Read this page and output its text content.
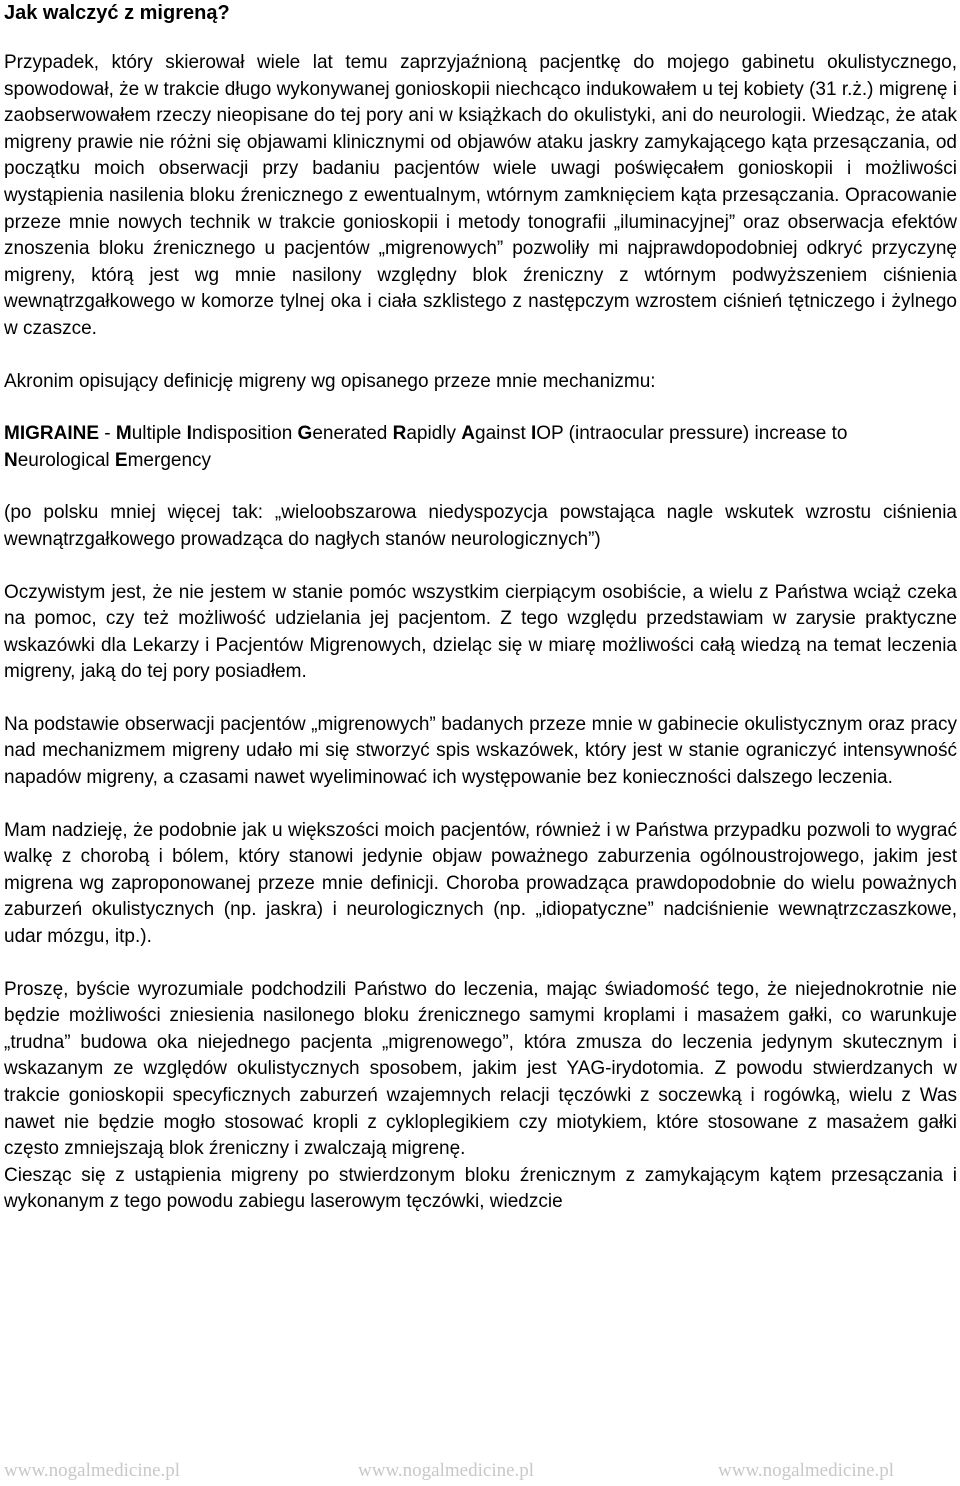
Jak walczyć z migreną?

Przypadek, który skierował wiele lat temu zaprzyjaźnioną pacjentkę do mojego gabinetu okulistycznego, spowodował, że w trakcie długo wykonywanej gonioskopii niechcąco indukowałem u tej kobiety (31 r.ż.) migrenę i zaobserwowałem rzeczy nieopisane do tej pory ani w książkach do okulistyki, ani do neurologii. Wiedząc, że atak migreny prawie nie różni się objawami klinicznymi od objawów ataku jaskry zamykającego kąta przesączania, od początku moich obserwacji przy badaniu pacjentów wiele uwagi poświęcałem gonioskopii i możliwości wystąpienia nasilenia bloku źrenicznego z ewentualnym, wtórnym zamknięciem kąta przesączania. Opracowanie przeze mnie nowych technik w trakcie gonioskopii i metody tonografii „iluminacyjnej” oraz obserwacja efektów znoszenia bloku źrenicznego u pacjentów „migrenowych” pozwoliły mi najprawdopodobniej odkryć przyczynę migreny, którą jest wg mnie nasilony względny blok źreniczny z wtórnym podwyższeniem ciśnienia wewnątrzgałkowego w komorze tylnej oka i ciała szklistego z następczym wzrostem ciśnień tętniczego i żylnego w czaszce.

Akronim opisujący definicję migreny wg opisanego przeze mnie mechanizmu:

MIGRAINE - Multiple Indisposition Generated Rapidly Against IOP (intraocular pressure) increase to Neurological Emergency

(po polsku mniej więcej tak: „wieloobszarowa niedyspozycja powstająca nagle wskutek wzrostu ciśnienia wewnątrzgałkowego prowadząca do nagłych stanów neurologicznych”)

Oczywistym jest, że nie jestem w stanie pomóc wszystkim cierpiącym osobiście, a wielu z Państwa wciąż czeka na pomoc, czy też możliwość udzielania jej pacjentom. Z tego względu przedstawiam w zarysie praktyczne wskazówki dla Lekarzy i Pacjentów Migrenowych, dzieląc się w miarę możliwości całą wiedzą na temat leczenia migreny, jaką do tej pory posiadłem.

Na podstawie obserwacji pacjentów „migrenowych” badanych przeze mnie w gabinecie okulistycznym oraz pracy nad mechanizmem migreny udało mi się stworzyć spis wskazówek, który jest w stanie ograniczyć intensywność napadów migreny, a czasami nawet wyeliminować ich występowanie bez konieczności dalszego leczenia.

Mam nadzieję, że podobnie jak u większości moich pacjentów, również i w Państwa przypadku pozwoli to wygrać walkę z chorobą i bólem, który stanowi jedynie objaw poważnego zaburzenia ogólnoustrojowego, jakim jest migrena wg zaproponowanej przeze mnie definicji. Choroba prowadząca prawdopodobnie do wielu poważnych zaburzeń okulistycznych (np. jaskra) i neurologicznych (np. „idiopatyczne” nadciśnienie wewnątrzczaszkowe, udar mózgu, itp.).

Proszę, byście wyrozumiale podchodzili Państwo do leczenia, mając świadomość tego, że niejednokrotnie nie będzie możliwości zniesienia nasilonego bloku źrenicznego samymi kroplami i masażem gałki, co warunkuje „trudna” budowa oka niejednego pacjenta „migrenowego”, która zmusza do leczenia jedynym skutecznym i wskazanym ze względów okulistycznych sposobem, jakim jest YAG-irydotomia. Z powodu stwierdzanych w trakcie gonioskopii specyficznych zaburzeń wzajemnych relacji tęczówki z soczewką i rogówką, wielu z Was nawet nie będzie mogło stosować kropli z cykloplegikiem czy miotykiem, które stosowane z masażem gałki często zmniejszają blok źreniczny i zwalczają migrenę.

Ciesząc się z ustąpienia migreny po stwierdzonym bloku źrenicznym z zamykającym kątem przesączania i wykonanym z tego powodu zabiegu laserowym tęczówki, wiedzcie

www.nogalmedicine.pl	www.nogalmedicine.pl	www.nogalmedicine.pl
